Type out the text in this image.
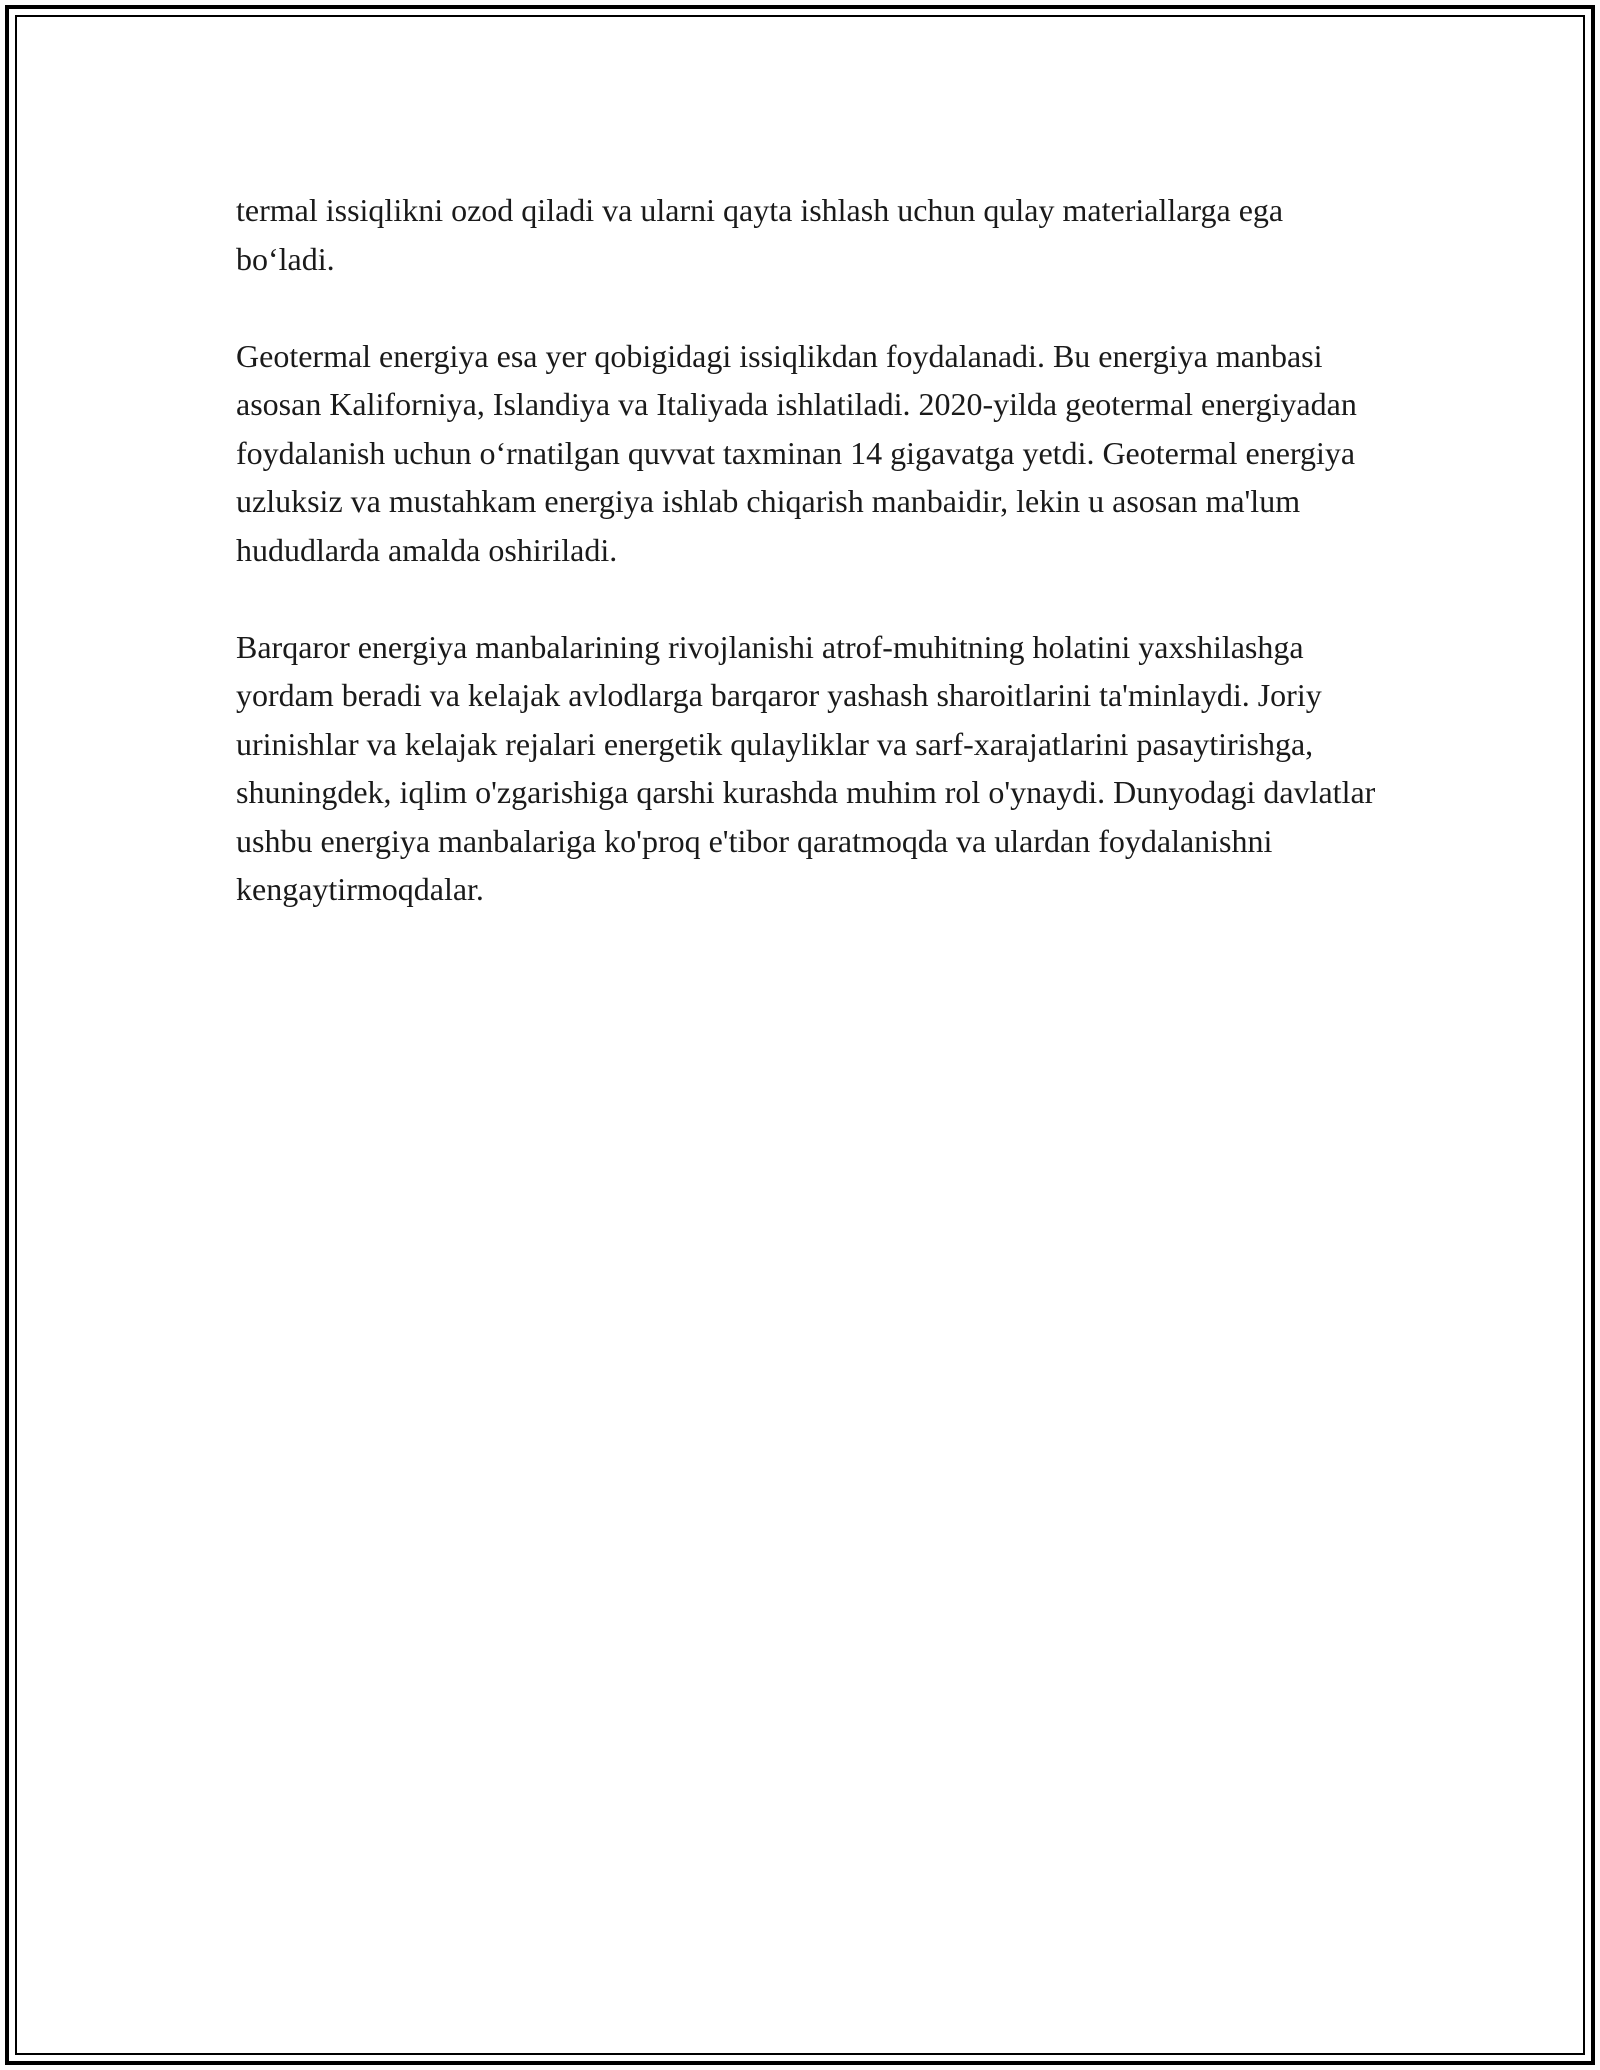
termal issiqlikni ozod qiladi va ularni qayta ishlash uchun qulay materiallarga ega bo‘ladi.

Geotermal energiya esa yer qobigidagi issiqlikdan foydalanadi. Bu energiya manbasi asosan Kaliforniya, Islandiya va Italiyada ishlatiladi. 2020-yilda geotermal energiyadan foydalanish uchun o‘rnatilgan quvvat taxminan 14 gigavatga yetdi. Geotermal energiya uzluksiz va mustahkam energiya ishlab chiqarish manbaidir, lekin u asosan ma'lum hududlarda amalda oshiriladi.

Barqaror energiya manbalarining rivojlanishi atrof-muhitning holatini yaxshilashga yordam beradi va kelajak avlodlarga barqaror yashash sharoitlarini ta'minlaydi. Joriy urinishlar va kelajak rejalari energetik qulayliklar va sarf-xarajatlarini pasaytirishga, shuningdek, iqlim o'zgarishiga qarshi kurashda muhim rol o'ynaydi. Dunyodagi davlatlar ushbu energiya manbalariga ko'proq e'tibor qaratmoqda va ulardan foydalanishni kengaytirmoqdalar.
